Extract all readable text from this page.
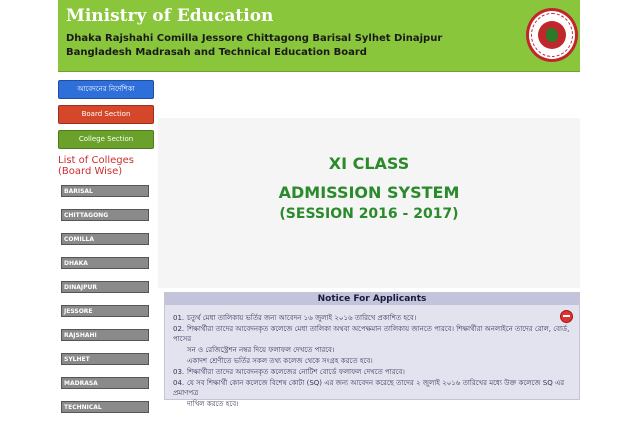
Ministry of Education
Dhaka Rajshahi Comilla Jessore Chittagong Barisal Sylhet Dinajpur
Bangladesh Madrasah and Technical Education Board
আবেদনের নির্দেশিকা
Board Section
College Section
List of Colleges (Board Wise)
BARISAL
CHITTAGONG
COMILLA
DHAKA
DINAJPUR
JESSORE
RAJSHAHI
SYLHET
MADRASA
TECHNICAL
XI CLASS
ADMISSION SYSTEM
(SESSION 2016 - 2017)
Notice For Applicants
01. চতুর্থ মেধা তালিকায় ভর্তির জন্য আবেদন ১৬ জুলাই ২০১৬ তারিখে প্রকাশিত হবে।
02. শিক্ষার্থীরা তাদের আবেদনকৃত কলেজে মেধা তালিকা অথবা অপেক্ষমান তালিকায় জানতে পারবে। শিক্ষার্থীরা অনলাইনে তাদের রোল, বোর্ড, পাসের
সন ও রেজিস্ট্রেশন নম্বর দিয়ে ফলাফল দেখতে পারবে।
একাদশ শ্রেণীতে ভর্তির সকল তথ্য কলেজ থেকে সংগ্রহ করতে হবে।
03. শিক্ষার্থীরা তাদের আবেদনকৃত কলেজের নোটিশ বোর্ডে ফলাফল দেখতে পারবে।
04. যে সব শিক্ষার্থী কোন কলেজে বিশেষ কোটা (SQ) এর জন্য আবেদন করেছে তাদের ২ জুলাই ২০১৬ তারিখের মধ্যে উক্ত কলেজে SQ এর প্রমাণপত্র
দাখিল করতে হবে।
